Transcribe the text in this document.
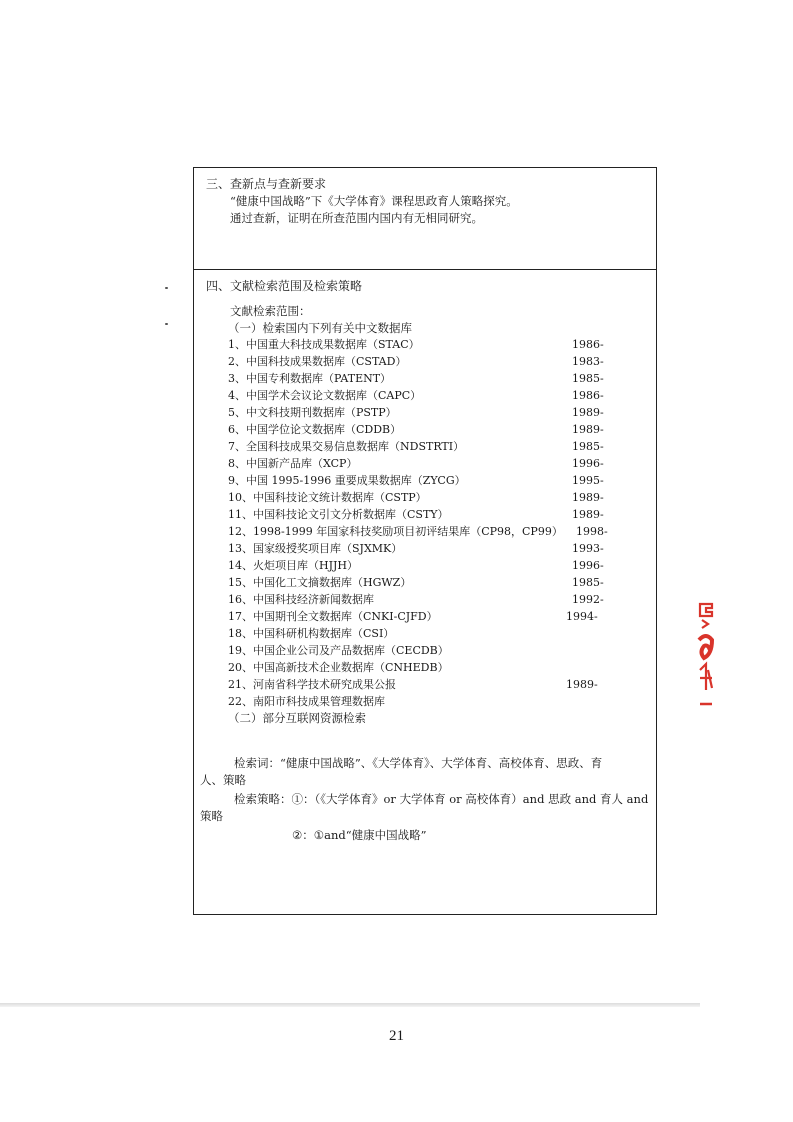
三、查新点与查新要求
“健康中国战略”下《大学体育》课程思政育人策略探究。
通过查新，证明在所查范围内国内有无相同研究。
四、文献检索范围及检索策略
文献检索范围：
（一）检索国内下列有关中文数据库
1、中国重大科技成果数据库（STAC）	1986-
2、中国科技成果数据库（CSTAD）	1983-
3、中国专利数据库（PATENT）	1985-
4、中国学术会议论文数据库（CAPC）	1986-
5、中文科技期刊数据库（PSTP）	1989-
6、中国学位论文数据库（CDDB）	1989-
7、全国科技成果交易信息数据库（NDSTRTI）	1985-
8、中国新产品库（XCP）	1996-
9、中国 1995-1996 重要成果数据库（ZYCG）	1995-
10、中国科技论文统计数据库（CSTP）	1989-
11、中国科技论文引文分析数据库（CSTY）	1989-
12、1998-1999 年国家科技奖励项目初评结果库（CP98，CP99） 1998-
13、国家级授奖项目库（SJXMK）	1993-
14、火炬项目库（HJJH）	1996-
15、中国化工文摘数据库（HGWZ）	1985-
16、中国科技经济新闻数据库	1992-
17、中国期刊全文数据库（CNKI-CJFD）	1994-
18、中国科研机构数据库（CSI）
19、中国企业公司及产品数据库（CECDB）
20、中国高新技术企业数据库（CNHEDB）
21、河南省科学技术研究成果公报	1989-
22、南阳市科技成果管理数据库
（二）部分互联网资源检索
检索词：“健康中国战略”、《大学体育》、大学体育、高校体育、思政、育
人、策略
检索策略：①：（《大学体育》or 大学体育 or 高校体育）and 思政 and 育人 and
策略
②：①and“健康中国战略”
21
